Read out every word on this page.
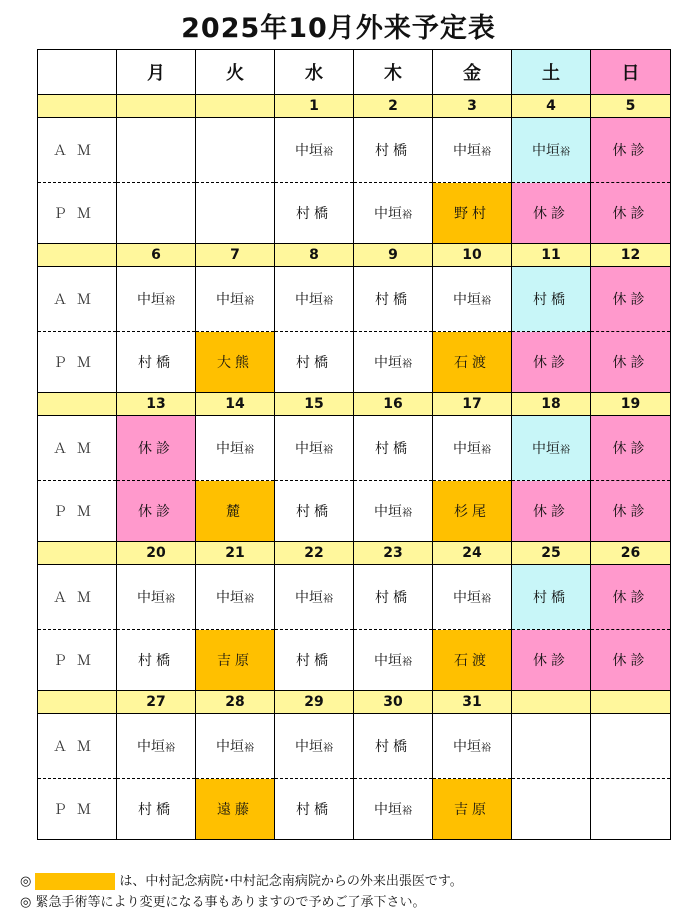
2025年10月外来予定表
	月	火	水	木	金	土	日
			1	2	3	4	5
ＡＭ			中垣裕	村橋	中垣裕	中垣裕	休診
ＰＭ			村橋	中垣裕	野村	休診	休診
	6	7	8	9	10	11	12
ＡＭ	中垣裕	中垣裕	中垣裕	村橋	中垣裕	村橋	休診
ＰＭ	村橋	大熊	村橋	中垣裕	石渡	休診	休診
	13	14	15	16	17	18	19
ＡＭ	休診	中垣裕	中垣裕	村橋	中垣裕	中垣裕	休診
ＰＭ	休診	麓	村橋	中垣裕	杉尾	休診	休診
	20	21	22	23	24	25	26
ＡＭ	中垣裕	中垣裕	中垣裕	村橋	中垣裕	村橋	休診
ＰＭ	村橋	吉原	村橋	中垣裕	石渡	休診	休診
	27	28	29	30	31		
ＡＭ	中垣裕	中垣裕	中垣裕	村橋	中垣裕		
ＰＭ	村橋	遠藤	村橋	中垣裕	吉原		
◎	は、中村記念病院･中村記念南病院からの外来出張医です。
◎ 緊急手術等により変更になる事もありますので予めご了承下さい。
